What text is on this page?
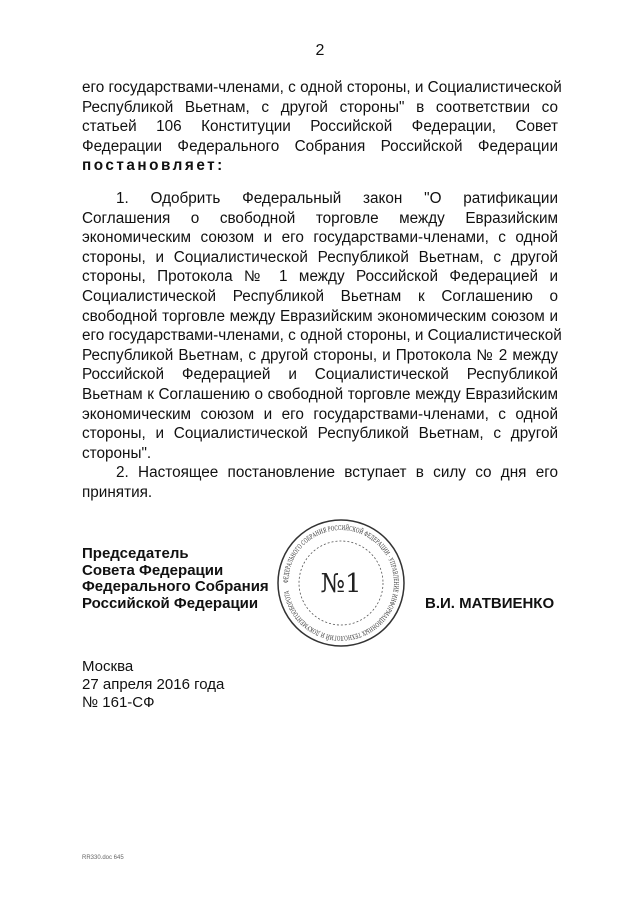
2
его государствами-членами, с одной стороны, и Социалистической
Республикой Вьетнам, с другой стороны" в соответствии со
статьей 106 Конституции Российской Федерации, Совет
Федерации Федерального Собрания Российской Федерации
постановляет:
1. Одобрить Федеральный закон "О ратификации
Соглашения о свободной торговле между Евразийским
экономическим союзом и его государствами-членами, с одной
стороны, и Социалистической Республикой Вьетнам, с другой
стороны, Протокола № 1 между Российской Федерацией и
Социалистической Республикой Вьетнам к Соглашению о
свободной торговле между Евразийским экономическим союзом и
его государствами-членами, с одной стороны, и Социалистической
Республикой Вьетнам, с другой стороны, и Протокола № 2 между
Российской Федерацией и Социалистической Республикой
Вьетнам к Соглашению о свободной торговле между Евразийским
экономическим союзом и его государствами-членами, с одной
стороны, и Социалистической Республикой Вьетнам, с другой
стороны".
2. Настоящее постановление вступает в силу со дня его
принятия.
Председатель
Совета Федерации
Федерального Собрания
Российской Федерации
ФЕДЕРАЛЬНОГО СОБРАНИЯ РОССИЙСКОЙ ФЕДЕРАЦИИ · УПРАВЛЕНИЕ ИНФОРМАЦИОННЫХ ТЕХНОЛОГИЙ И ДОКУМЕНТООБОРОТА	№1
В.И. МАТВИЕНКО
Москва
27 апреля 2016 года
№ 161-СФ
RR330.doc 645
